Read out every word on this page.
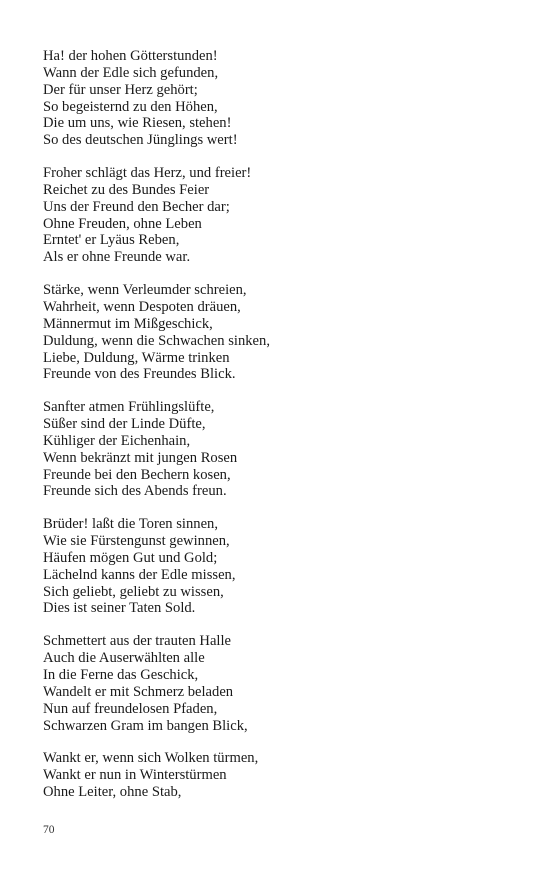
Ha! der hohen Götterstunden!
Wann der Edle sich gefunden,
Der für unser Herz gehört;
So begeisternd zu den Höhen,
Die um uns, wie Riesen, stehen!
So des deutschen Jünglings wert!
Froher schlägt das Herz, und freier!
Reichet zu des Bundes Feier
Uns der Freund den Becher dar;
Ohne Freuden, ohne Leben
Erntet' er Lyäus Reben,
Als er ohne Freunde war.
Stärke, wenn Verleumder schreien,
Wahrheit, wenn Despoten dräuen,
Männermut im Mißgeschick,
Duldung, wenn die Schwachen sinken,
Liebe, Duldung, Wärme trinken
Freunde von des Freundes Blick.
Sanfter atmen Frühlingslüfte,
Süßer sind der Linde Düfte,
Kühliger der Eichenhain,
Wenn bekränzt mit jungen Rosen
Freunde bei den Bechern kosen,
Freunde sich des Abends freun.
Brüder! laßt die Toren sinnen,
Wie sie Fürstengunst gewinnen,
Häufen mögen Gut und Gold;
Lächelnd kanns der Edle missen,
Sich geliebt, geliebt zu wissen,
Dies ist seiner Taten Sold.
Schmettert aus der trauten Halle
Auch die Auserwählten alle
In die Ferne das Geschick,
Wandelt er mit Schmerz beladen
Nun auf freundelosen Pfaden,
Schwarzen Gram im bangen Blick,
Wankt er, wenn sich Wolken türmen,
Wankt er nun in Winterstürmen
Ohne Leiter, ohne Stab,
70
